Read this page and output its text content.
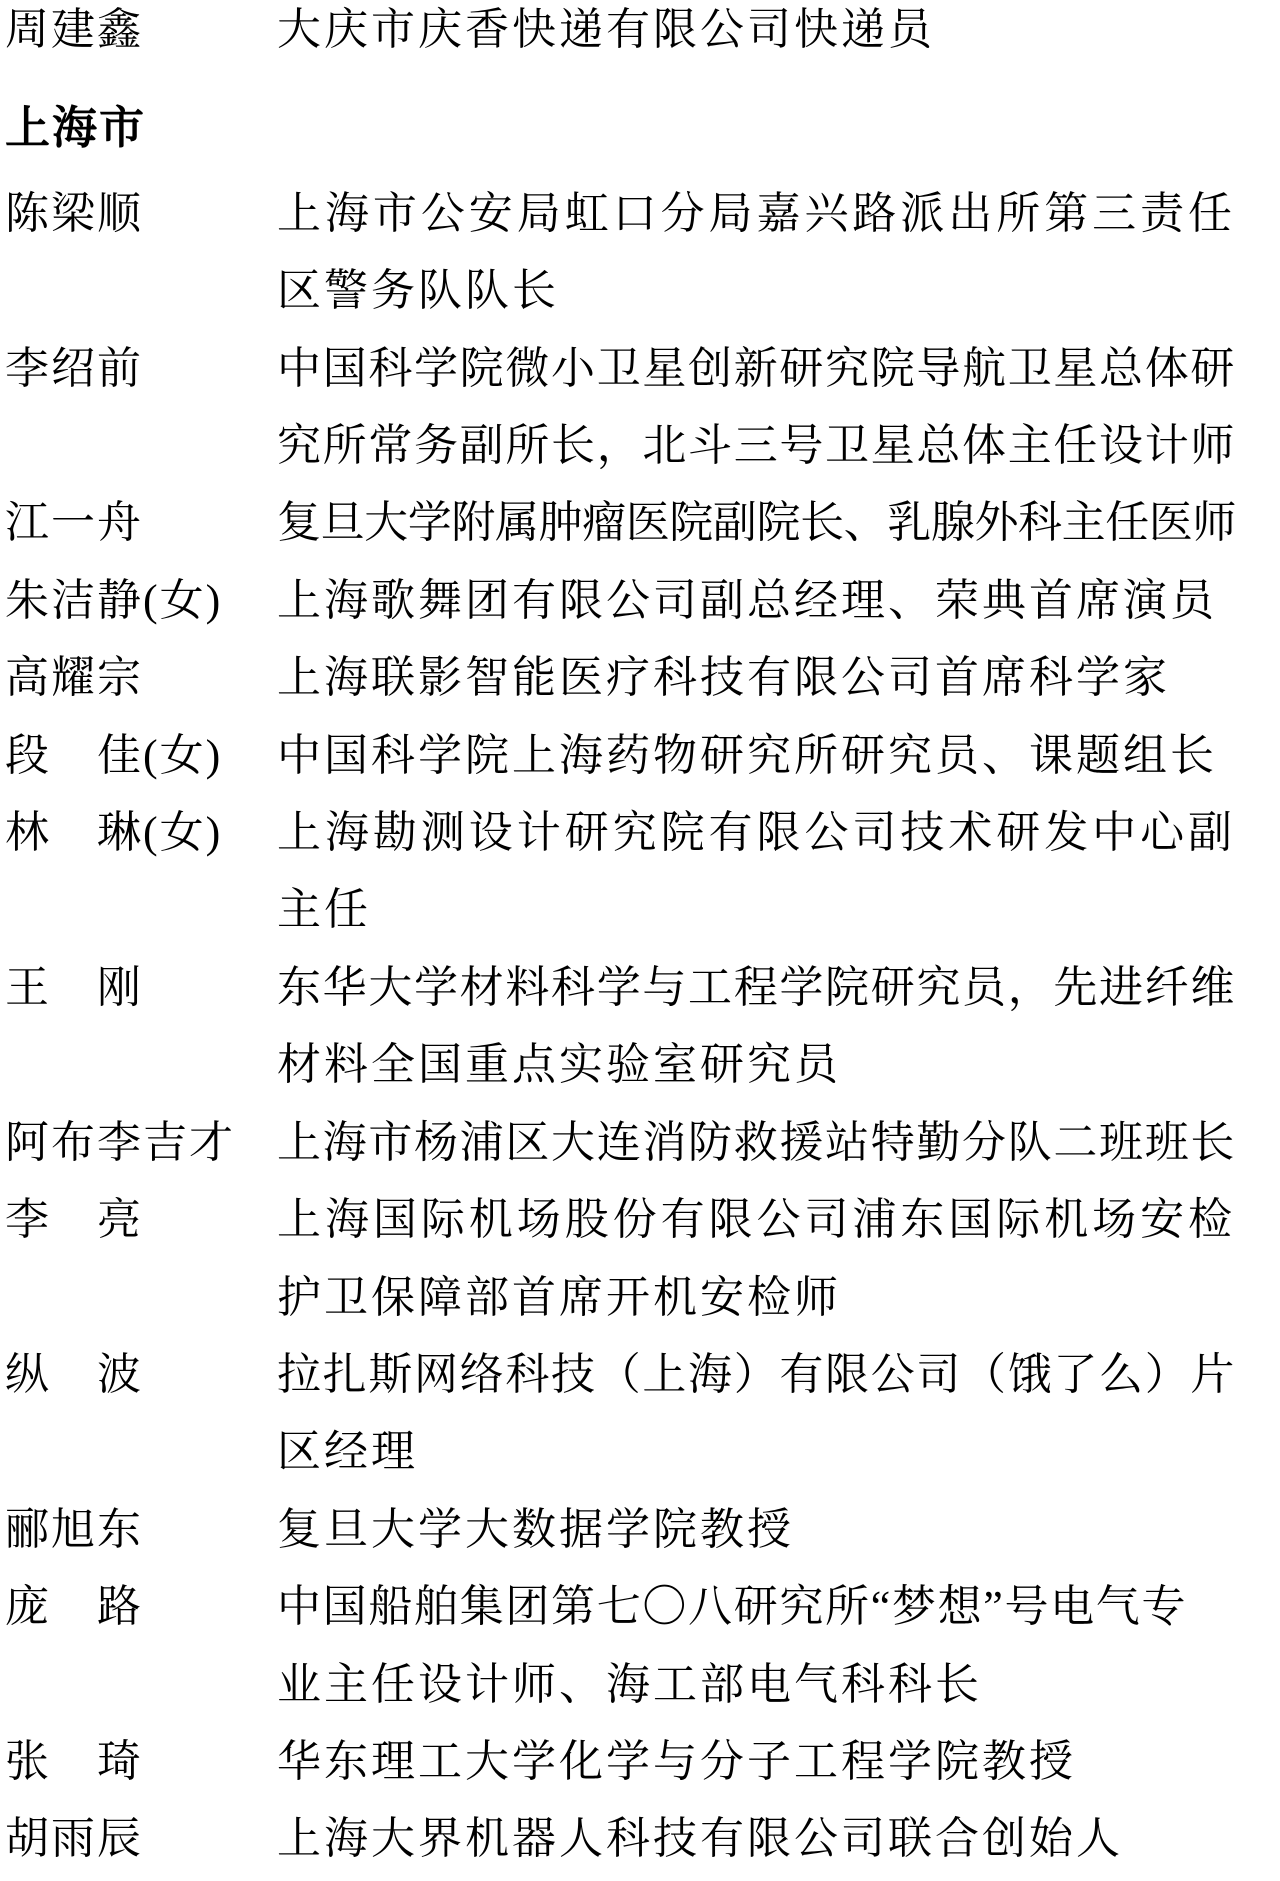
周建鑫	大庆市庆香快递有限公司快递员
上海市
陈梁顺	上海市公安局虹口分局嘉兴路派出所第三责任
区警务队队长
李绍前	中国科学院微小卫星创新研究院导航卫星总体研
究所常务副所长，北斗三号卫星总体主任设计师
江一舟	复旦大学附属肿瘤医院副院长、乳腺外科主任医师
朱洁静(女)	上海歌舞团有限公司副总经理、荣典首席演员
高耀宗	上海联影智能医疗科技有限公司首席科学家
段　佳(女)	中国科学院上海药物研究所研究员、课题组长
林　琳(女)	上海勘测设计研究院有限公司技术研发中心副
主任
王　刚	东华大学材料科学与工程学院研究员，先进纤维
材料全国重点实验室研究员
阿布李吉才 上海市杨浦区大连消防救援站特勤分队二班班长
李　亮	上海国际机场股份有限公司浦东国际机场安检
护卫保障部首席开机安检师
纵　波	拉扎斯网络科技（上海）有限公司（饿了么）片
区经理
郦旭东	复旦大学大数据学院教授
庞　路	中国船舶集团第七〇八研究所“梦想”号电气专
业主任设计师、海工部电气科科长
张　琦	华东理工大学化学与分子工程学院教授
胡雨辰	上海大界机器人科技有限公司联合创始人
